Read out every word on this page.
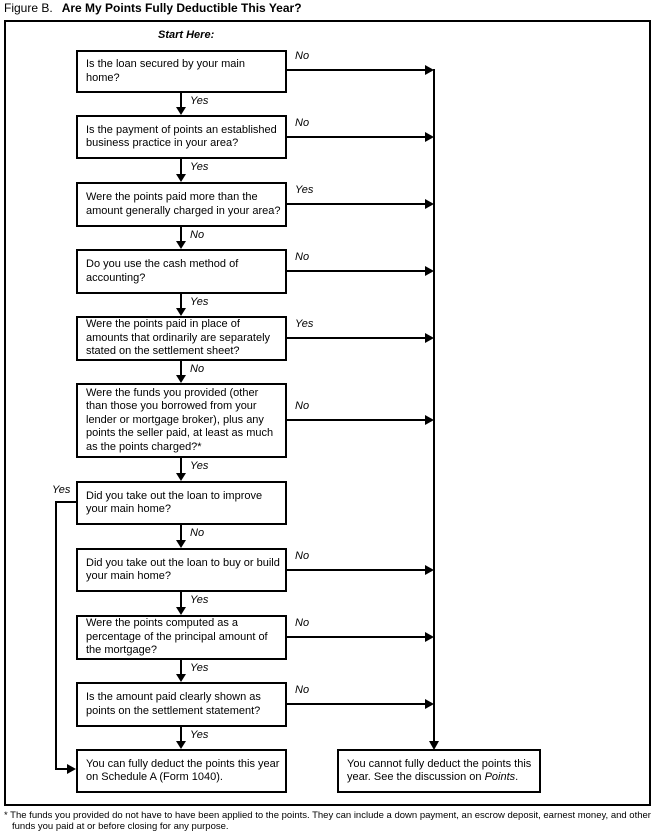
Figure B. Are My Points Fully Deductible This Year?
Start Here:
Is the loan secured by your main home?
Is the payment of points an established business practice in your area?
Were the points paid more than the amount generally charged in your area?
Do you use the cash method of accounting?
Were the points paid in place of amounts that ordinarily are separately stated on the settlement sheet?
Were the funds you provided (other than those you borrowed from your lender or mortgage broker), plus any points the seller paid, at least as much as the points charged?*
Did you take out the loan to improve your main home?
Did you take out the loan to buy or build your main home?
Were the points computed as a percentage of the principal amount of the mortgage?
Is the amount paid clearly shown as points on the settlement statement?
Yes
Yes
No
Yes
No
Yes
No
Yes
Yes
Yes
No
No
Yes
No
Yes
No
No
No
No
Yes
You can fully deduct the points this year on Schedule A (Form 1040).
You cannot fully deduct the points this year. See the discussion on Points.
* The funds you provided do not have to have been applied to the points. They can include a down payment, an escrow deposit, earnest money, and other funds you paid at or before closing for any purpose.
